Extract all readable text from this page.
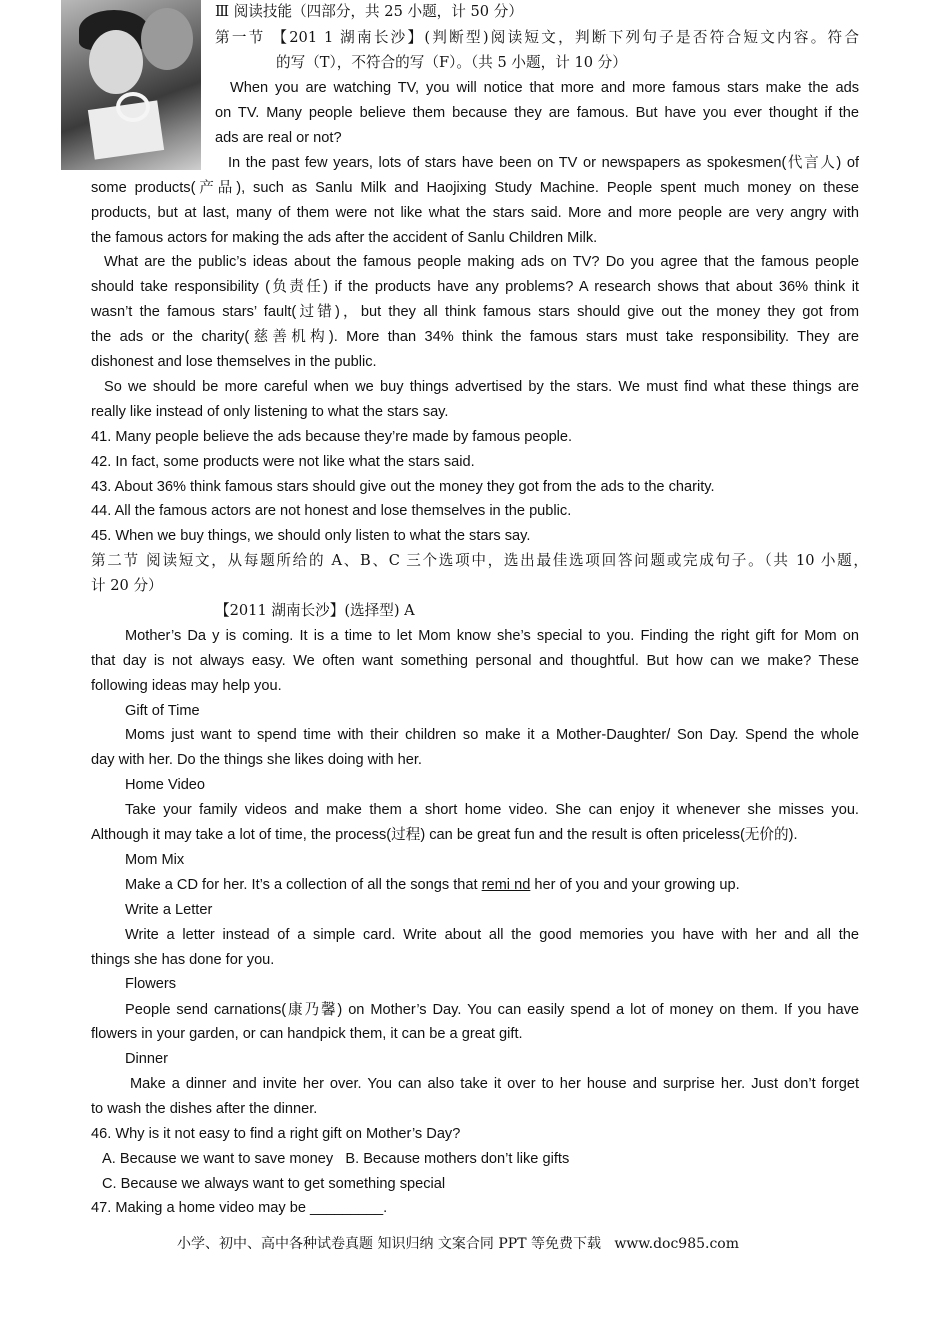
Ⅲ 阅读技能（四部分，共 25 小题，计 50 分）
第一节 【201 1 湖南长沙】(判断型)阅读短文，判断下列句子是否符合短文内容。符合
的写（T），不符合的写（F）。（共 5 小题，计 10 分）
When you are watching TV, you will notice that more and more famous stars make the ads
on TV. Many people believe them because they are famous. But have you ever thought if the
ads are real or not?
In the past few years, lots of stars have been on TV or newspapers as spokesmen(代言人) of
some products(产品), such as Sanlu Milk and Haojixing Study Machine. People spent much money on these
products, but at last, many of them were not like what the stars said. More and more people are very angry with
the famous actors for making the ads after the accident of Sanlu Children Milk.
What are the public’s ideas about the famous people making ads on TV? Do you agree that the famous people
should take responsibility (负责任) if the products have any problems? A research shows that about 36% think it
wasn’t the famous stars’ fault(过错)，but they all think famous stars should give out the money they got from
the ads or the charity(慈善机构). More than 34% think the famous stars must take responsibility. They are
dishonest and lose themselves in the public.
So we should be more careful when we buy things advertised by the stars. We must find what these things are
really like instead of only listening to what the stars say.
41. Many people believe the ads because they’re made by famous people.
42. In fact, some products were not like what the stars said.
43. About 36% think famous stars should give out the money they got from the ads to the charity.
44. All the famous actors are not honest and lose themselves in the public.
45. When we buy things, we should only listen to what the stars say.
第二节 阅读短文，从每题所给的 A、B、C 三个选项中，选出最佳选项回答问题或完成句子。（共 10 小题，
计 20 分）
【2011 湖南长沙】(选择型) A
Mother’s Da y is coming. It is a time to let Mom know she’s special to you. Finding the right gift for Mom on
that day is not always easy. We often want something personal and thoughtful. But how can we make? These
following ideas may help you.
Gift of Time
Moms just want to spend time with their children so make it a Mother-Daughter/ Son Day. Spend the whole
day with her. Do the things she likes doing with her.
Home Video
Take your family videos and make them a short home video. She can enjoy it whenever she misses you.
Although it may take a lot of time, the process(过程) can be great fun and the result is often priceless(无价的).
Mom Mix
Make a CD for her. It’s a collection of all the songs that remi nd her of you and your growing up.
Write a Letter
Write a letter instead of a simple card. Write about all the good memories you have with her and all the
things she has done for you.
Flowers
People send carnations(康乃馨) on Mother’s Day. You can easily spend a lot of money on them. If you have
flowers in your garden, or can handpick them, it can be a great gift.
Dinner
Make a dinner and invite her over. You can also take it over to her house and surprise her. Just don’t forget
to wash the dishes after the dinner.
46. Why is it not easy to find a right gift on Mother’s Day?
A. Because we want to save money   B. Because mothers don’t like gifts
C. Because we always want to get something special
47. Making a home video may be _________.
小学、初中、高中各种试卷真题 知识归纳 文案合同 PPT 等免费下载   www.doc985.com
